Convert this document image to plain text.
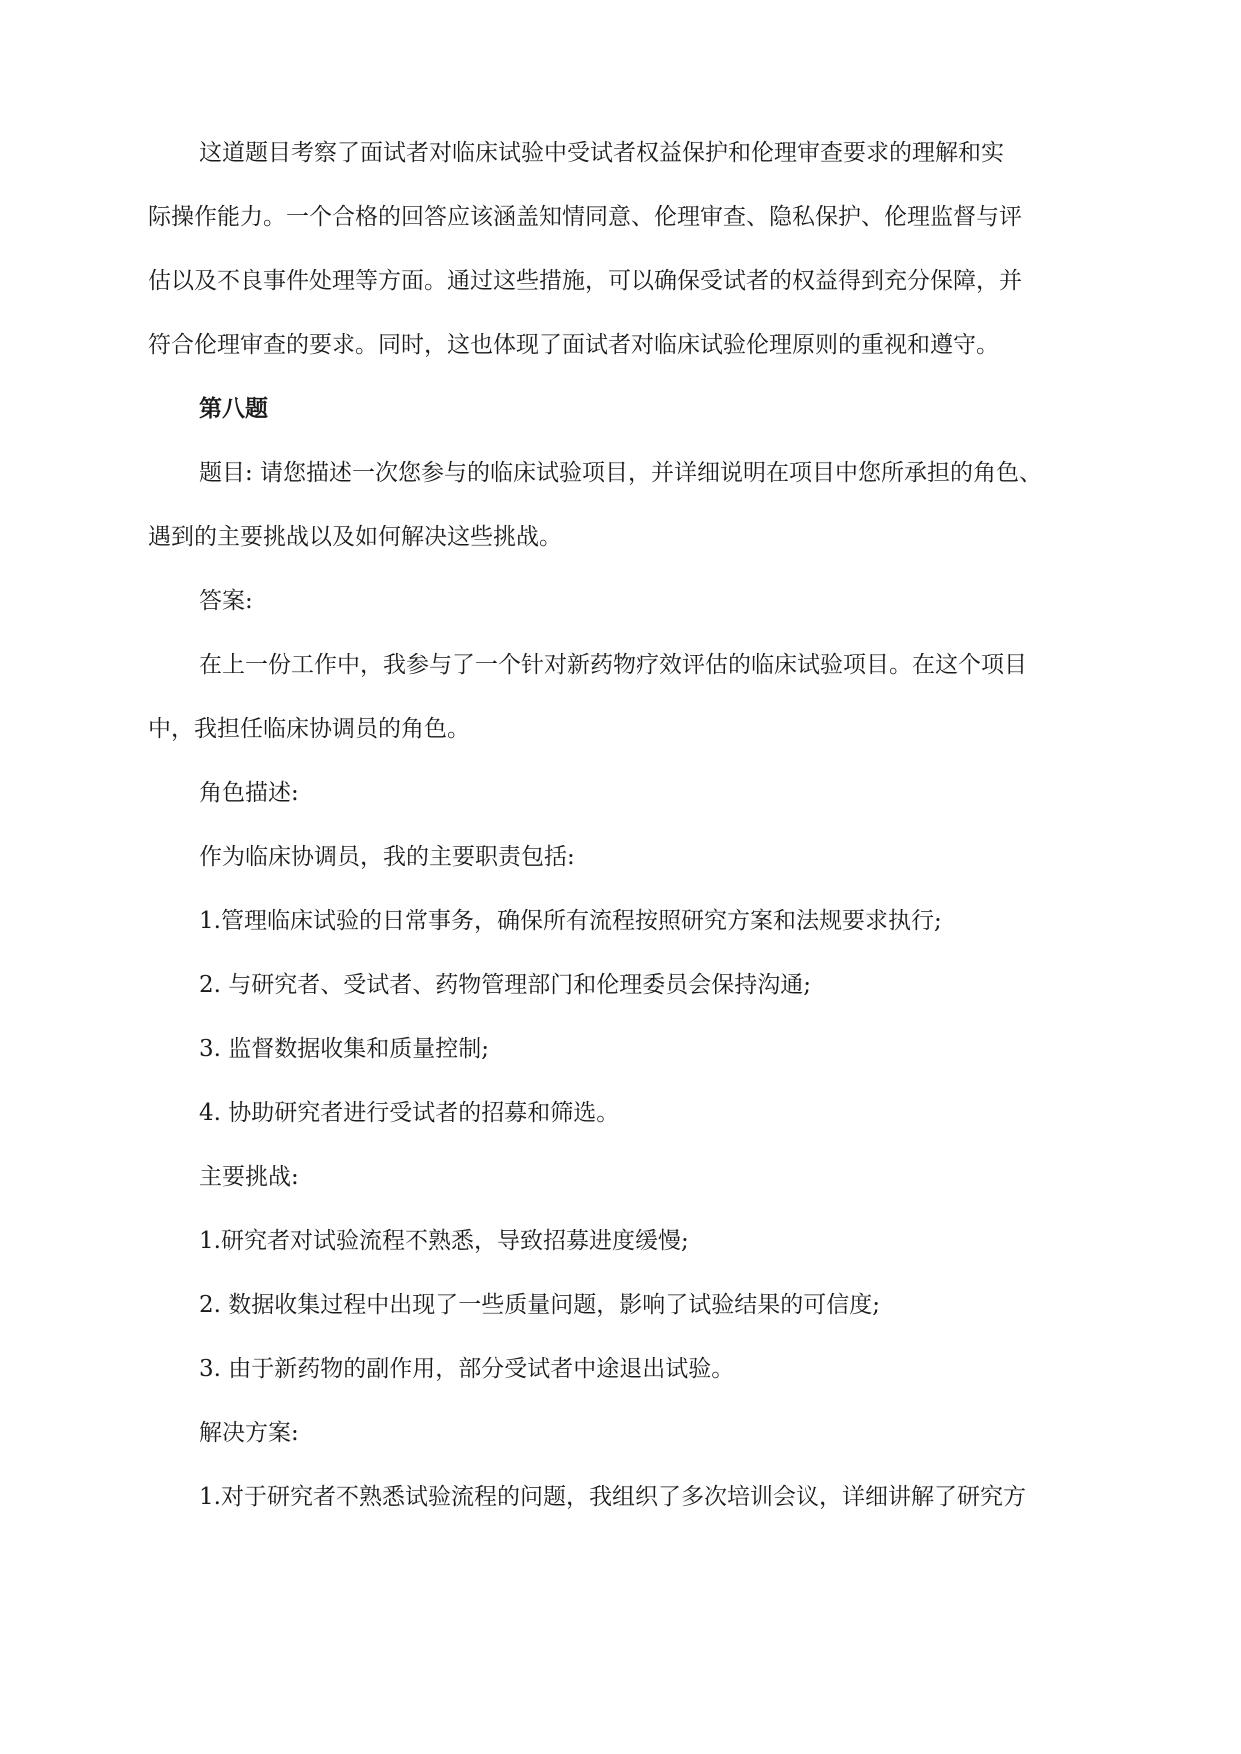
这道题目考察了面试者对临床试验中受试者权益保护和伦理审查要求的理解和实
际操作能力。一个合格的回答应该涵盖知情同意、伦理审查、隐私保护、伦理监督与评
估以及不良事件处理等方面。通过这些措施，可以确保受试者的权益得到充分保障，并
符合伦理审查的要求。同时，这也体现了面试者对临床试验伦理原则的重视和遵守。
第八题
题目: 请您描述一次您参与的临床试验项目，并详细说明在项目中您所承担的角色、
遇到的主要挑战以及如何解决这些挑战。
答案:
在上一份工作中，我参与了一个针对新药物疗效评估的临床试验项目。在这个项目
中，我担任临床协调员的角色。
角色描述:
作为临床协调员，我的主要职责包括:
1.管理临床试验的日常事务，确保所有流程按照研究方案和法规要求执行;
2. 与研究者、受试者、药物管理部门和伦理委员会保持沟通;
3. 监督数据收集和质量控制;
4. 协助研究者进行受试者的招募和筛选。
主要挑战:
1.研究者对试验流程不熟悉，导致招募进度缓慢;
2. 数据收集过程中出现了一些质量问题，影响了试验结果的可信度;
3. 由于新药物的副作用，部分受试者中途退出试验。
解决方案:
1.对于研究者不熟悉试验流程的问题，我组织了多次培训会议，详细讲解了研究方
